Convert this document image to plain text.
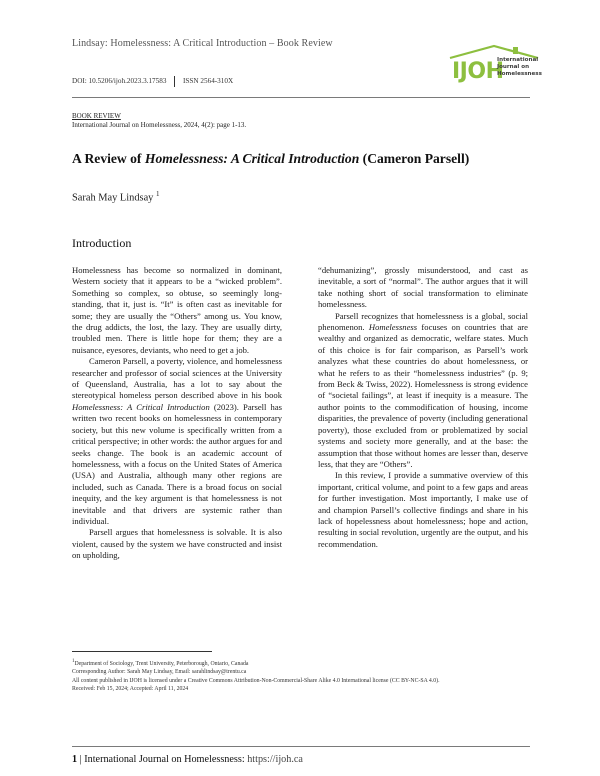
Lindsay: Homelessness: A Critical Introduction – Book Review
IJOH
International
Journal on
Homelessness
DOI: 10.5206/ijoh.2023.3.17583 ISSN 2564-310X
BOOK REVIEW
International Journal on Homelessness, 2024, 4(2): page 1-13.
A Review of Homelessness: A Critical Introduction (Cameron Parsell)
Sarah May Lindsay $^1$
Introduction

Homelessness has become so normalized in dominant, Western society that it appears to be a “wicked problem”. Something so complex, so obtuse, so seemingly long-standing, that it, just is. “It” is often cast as inevitable for some; they are usually the “Others” among us. You know, the drug addicts, the lost, the lazy. They are usually dirty, troubled men. There is little hope for them; they are a nuisance, eyesores, deviants, who need to get a job.

Cameron Parsell, a poverty, violence, and homelessness researcher and professor of social sciences at the University of Queensland, Australia, has a lot to say about the stereotypical homeless person described above in his book Homelessness: A Critical Introduction (2023). Parsell has written two recent books on homelessness in contemporary society, but this new volume is specifically written from a critical perspective; in other words: the author argues for and seeks change. The book is an academic account of homelessness, with a focus on the United States of America (USA) and Australia, although many other regions are included, such as Canada. There is a broad focus on social inequity, and the key argument is that homelessness is not inevitable and that drivers are systemic rather than individual.

Parsell argues that homelessness is solvable. It is also violent, caused by the system we have constructed and insist on upholding,

“dehumanizing”, grossly misunderstood, and cast as inevitable, a sort of “normal”. The author argues that it will take nothing short of social transformation to eliminate homelessness.

Parsell recognizes that homelessness is a global, social phenomenon. Homelessness focuses on countries that are wealthy and organized as democratic, welfare states. Much of this choice is for fair comparison, as Parsell’s work analyzes what these countries do about homelessness, or what he refers to as their “homelessness industries” (p. 9; from Beck & Twiss, 2022). Homelessness is strong evidence of “societal failings”, at least if inequity is a measure. The author points to the commodification of housing, income disparities, the prevalence of poverty (including generational poverty), those excluded from or problematized by social systems and society more generally, and at the base: the assumption that those without homes are lesser than, deserve less, that they are “Others”.

In this review, I provide a summative overview of this important, critical volume, and point to a few gaps and areas for further investigation. Most importantly, I make use of and champion Parsell’s collective findings and share in his lack of hopelessness about homelessness; hope and action, resulting in social revolution, urgently are the output, and his recommendation.

$^1$Department of Sociology, Trent University, Peterborough, Ontario, Canada

Corresponding Author: Sarah May Lindsay, Email: sarahlindsay@trentu.ca

All content published in IJOH is licensed under a Creative Commons Attribution-Non-Commercial-Share Alike 4.0 International license (CC BY-NC-SA 4.0).

Received: Feb 15, 2024; Accepted: April 11, 2024

1 | International Journal on Homelessness: https://ijoh.ca
